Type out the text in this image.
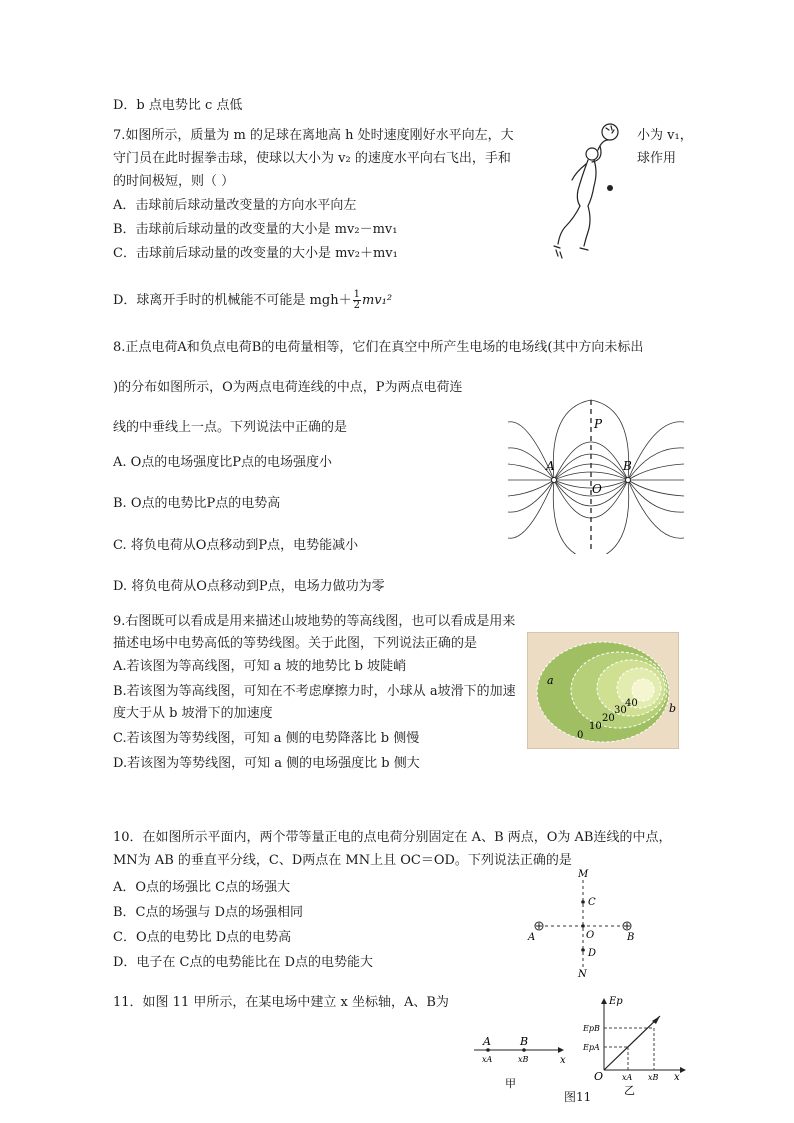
D．b 点电势比 c 点低
7.如图所示，质量为 m 的足球在离地高 h 处时速度刚好水平向左，大	小为 v₁，
守门员在此时握拳击球，使球以大小为 v₂ 的速度水平向右飞出，手和	球作用
的时间极短，则（ ）
A．击球前后球动量改变量的方向水平向左
B．击球前后球动量的改变量的大小是 mv₂－mv₁
C．击球前后球动量的改变量的大小是 mv₂＋mv₁
D．球离开手时的机械能不可能是 $mgh+ \frac{1}{2} mv_1^2$
8.正点电荷A和负点电荷B的电荷量相等，它们在真空中所产生电场的电场线(其中方向未标出
)的分布如图所示，O为两点电荷连线的中点，P为两点电荷连
线的中垂线上一点。下列说法中正确的是
A. O点的电场强度比P点的电场强度小
B. O点的电势比P点的电势高
C. 将负电荷从O点移动到P点，电势能减小
D. 将负电荷从O点移动到P点，电场力做功为零
P
A	B
O
9.右图既可以看成是用来描述山坡地势的等高线图，也可以看成是用来
描述电场中电势高低的等势线图。关于此图，下列说法正确的是
A.若该图为等高线图，可知 a 坡的地势比 b 坡陡峭
B.若该图为等高线图，可知在不考虑摩擦力时，小球从 a坡滑下的加速
度大于从 b 坡滑下的加速度
C.若该图为等势线图，可知 a 侧的电势降落比 b 侧慢
D.若该图为等势线图，可知 a 侧的电场强度比 b 侧大
a
b
0
10
20
30
40
10．在如图所示平面内，两个带等量正电的点电荷分别固定在 A、B 两点，O为 AB连线的中点，
MN为 AB 的垂直平分线，C、D两点在 MN上且 OC＝OD。下列说法正确的是
A．O点的场强比 C点的场强大
B．C点的场强与 D点的场强相同
C．O点的电势比 D点的电势高
D．电子在 C点的电势能比在 D点的电势能大
M
C
A	O	B
D
N
11．如图 11 甲所示，在某电场中建立 x 坐标轴，A、B为
A	B
xA	xB	x
甲
Ep
EpB
EpA
O xA xB x
乙
图11
